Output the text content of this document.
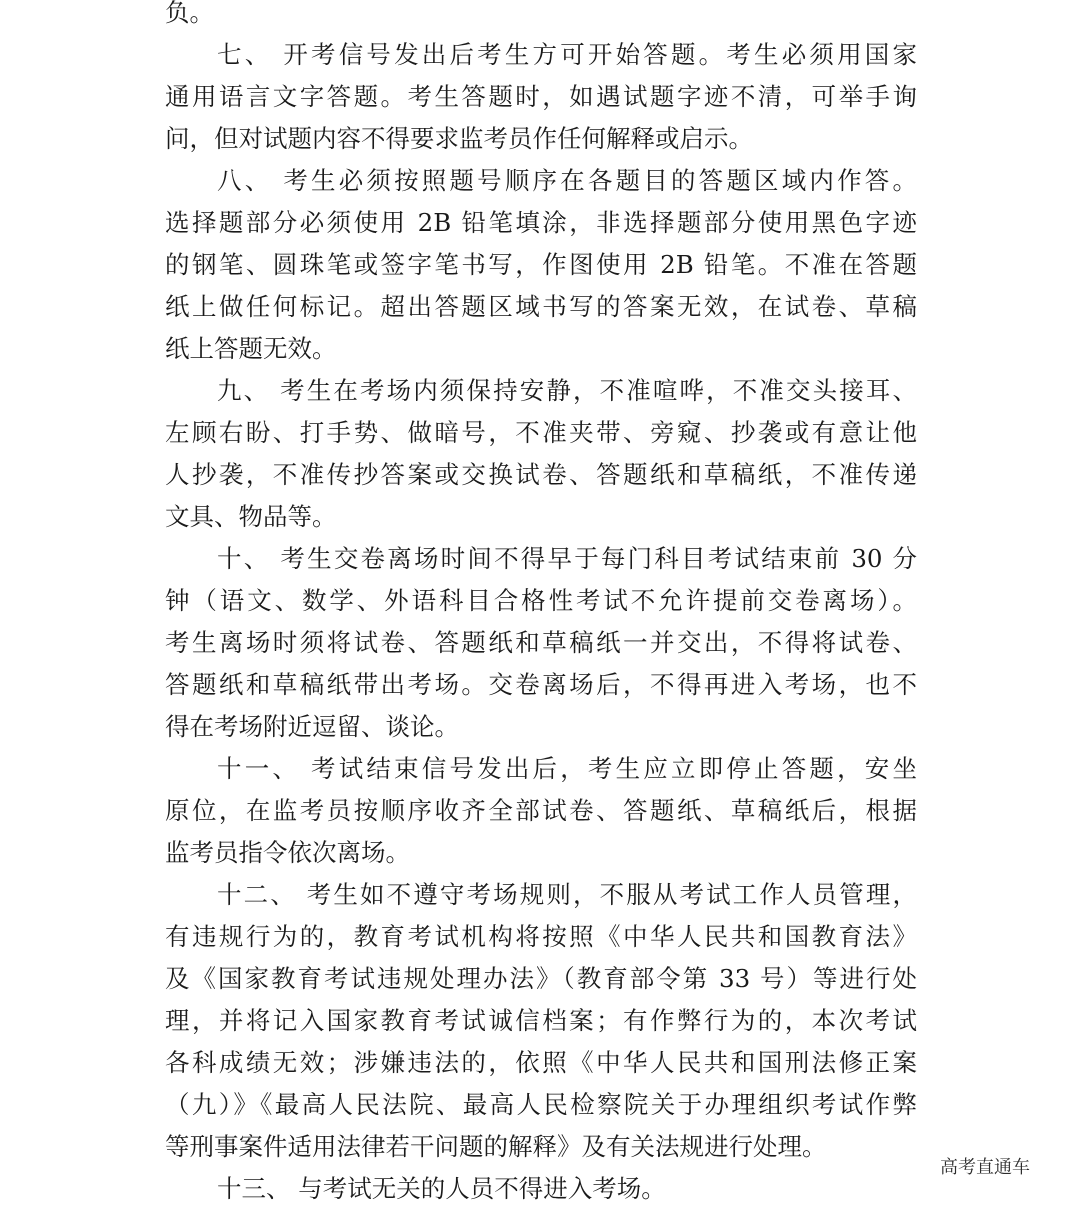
负。
七、 开考信号发出后考生方可开始答题。考生必须用国家
通用语言文字答题。考生答题时，如遇试题字迹不清，可举手询
问，但对试题内容不得要求监考员作任何解释或启示。
八、 考生必须按照题号顺序在各题目的答题区域内作答。
选择题部分必须使用 2B 铅笔填涂，非选择题部分使用黑色字迹
的钢笔、圆珠笔或签字笔书写，作图使用 2B 铅笔。不准在答题
纸上做任何标记。超出答题区域书写的答案无效，在试卷、草稿
纸上答题无效。
九、 考生在考场内须保持安静，不准喧哗，不准交头接耳、
左顾右盼、打手势、做暗号，不准夹带、旁窥、抄袭或有意让他
人抄袭，不准传抄答案或交换试卷、答题纸和草稿纸，不准传递
文具、物品等。
十、 考生交卷离场时间不得早于每门科目考试结束前 30 分
钟（语文、数学、外语科目合格性考试不允许提前交卷离场）。
考生离场时须将试卷、答题纸和草稿纸一并交出，不得将试卷、
答题纸和草稿纸带出考场。交卷离场后，不得再进入考场，也不
得在考场附近逗留、谈论。
十一、 考试结束信号发出后，考生应立即停止答题，安坐
原位，在监考员按顺序收齐全部试卷、答题纸、草稿纸后，根据
监考员指令依次离场。
十二、 考生如不遵守考场规则，不服从考试工作人员管理，
有违规行为的，教育考试机构将按照《中华人民共和国教育法》
及《国家教育考试违规处理办法》（教育部令第 33 号）等进行处
理，并将记入国家教育考试诚信档案；有作弊行为的，本次考试
各科成绩无效；涉嫌违法的，依照《中华人民共和国刑法修正案
（九）》《最高人民法院、最高人民检察院关于办理组织考试作弊
等刑事案件适用法律若干问题的解释》及有关法规进行处理。
十三、 与考试无关的人员不得进入考场。
高考直通车
